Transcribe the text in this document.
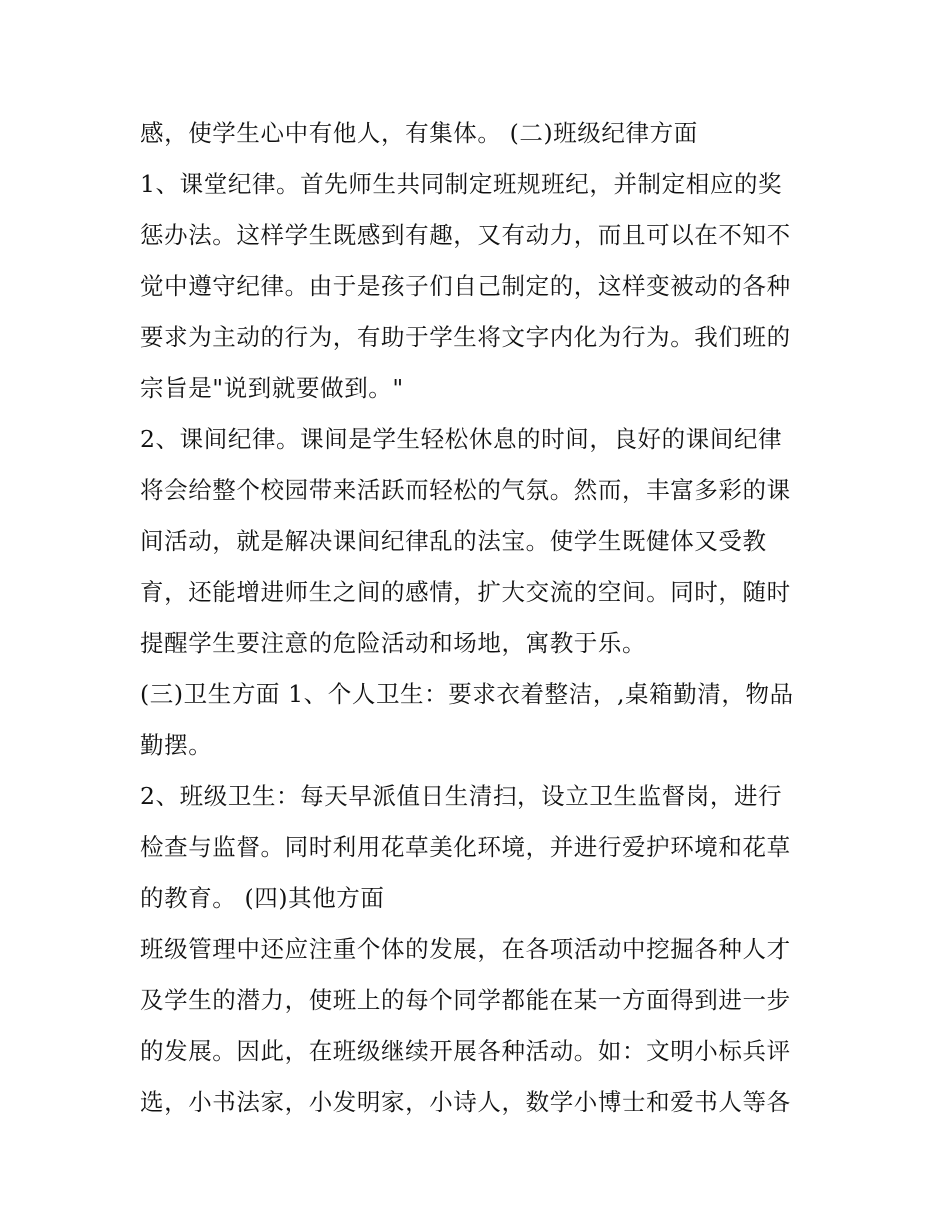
感，使学生心中有他人，有集体。 (二)班级纪律方面
1、课堂纪律。首先师生共同制定班规班纪，并制定相应的奖
惩办法。这样学生既感到有趣，又有动力，而且可以在不知不
觉中遵守纪律。由于是孩子们自己制定的，这样变被动的各种
要求为主动的行为，有助于学生将文字内化为行为。我们班的
宗旨是"说到就要做到。"
2、课间纪律。课间是学生轻松休息的时间，良好的课间纪律
将会给整个校园带来活跃而轻松的气氛。然而，丰富多彩的课
间活动，就是解决课间纪律乱的法宝。使学生既健体又受教
育，还能增进师生之间的感情，扩大交流的空间。同时，随时
提醒学生要注意的危险活动和场地，寓教于乐。
(三)卫生方面 1、个人卫生：要求衣着整洁，,桌箱勤清，物品
勤摆。
2、班级卫生：每天早派值日生清扫，设立卫生监督岗，进行
检查与监督。同时利用花草美化环境，并进行爱护环境和花草
的教育。 (四)其他方面
班级管理中还应注重个体的发展，在各项活动中挖掘各种人才
及学生的潜力，使班上的每个同学都能在某一方面得到进一步
的发展。因此，在班级继续开展各种活动。如：文明小标兵评
选，小书法家，小发明家，小诗人，数学小博士和爱书人等各
